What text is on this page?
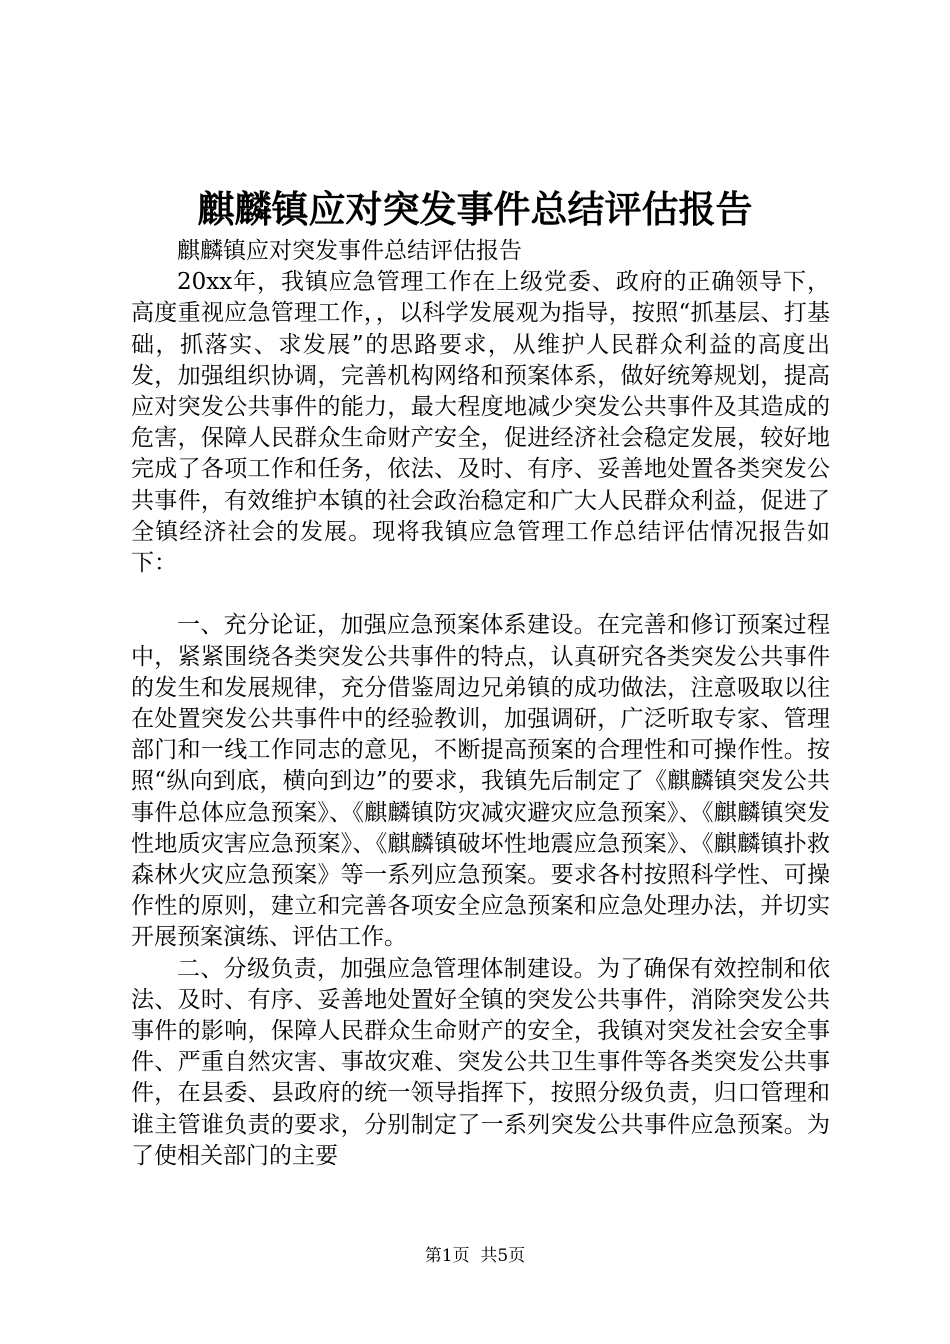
麒麟镇应对突发事件总结评估报告

麒麟镇应对突发事件总结评估报告

20xx年，我镇应急管理工作在上级党委、政府的正确领导下，高度重视应急管理工作，，以科学发展观为指导，按照“抓基层、打基础，抓落实、求发展”的思路要求，从维护人民群众利益的高度出发，加强组织协调，完善机构网络和预案体系，做好统筹规划，提高应对突发公共事件的能力，最大程度地减少突发公共事件及其造成的危害，保障人民群众生命财产安全，促进经济社会稳定发展，较好地完成了各项工作和任务，依法、及时、有序、妥善地处置各类突发公共事件，有效维护本镇的社会政治稳定和广大人民群众利益，促进了全镇经济社会的发展。现将我镇应急管理工作总结评估情况报告如下：

一、充分论证，加强应急预案体系建设。在完善和修订预案过程中，紧紧围绕各类突发公共事件的特点，认真研究各类突发公共事件的发生和发展规律，充分借鉴周边兄弟镇的成功做法，注意吸取以往在处置突发公共事件中的经验教训，加强调研，广泛听取专家、管理部门和一线工作同志的意见，不断提高预案的合理性和可操作性。按照“纵向到底，横向到边”的要求，我镇先后制定了《麒麟镇突发公共事件总体应急预案》、《麒麟镇防灾减灾避灾应急预案》、《麒麟镇突发性地质灾害应急预案》、《麒麟镇破坏性地震应急预案》、《麒麟镇扑救森林火灾应急预案》等一系列应急预案。要求各村按照科学性、可操作性的原则，建立和完善各项安全应急预案和应急处理办法，并切实开展预案演练、评估工作。

二、分级负责，加强应急管理体制建设。为了确保有效控制和依法、及时、有序、妥善地处置好全镇的突发公共事件，消除突发公共事件的影响，保障人民群众生命财产的安全，我镇对突发社会安全事件、严重自然灾害、事故灾难、突发公共卫生事件等各类突发公共事件，在县委、县政府的统一领导指挥下，按照分级负责，归口管理和谁主管谁负责的要求，分别制定了一系列突发公共事件应急预案。为了使相关部门的主要

第1页  共5页
